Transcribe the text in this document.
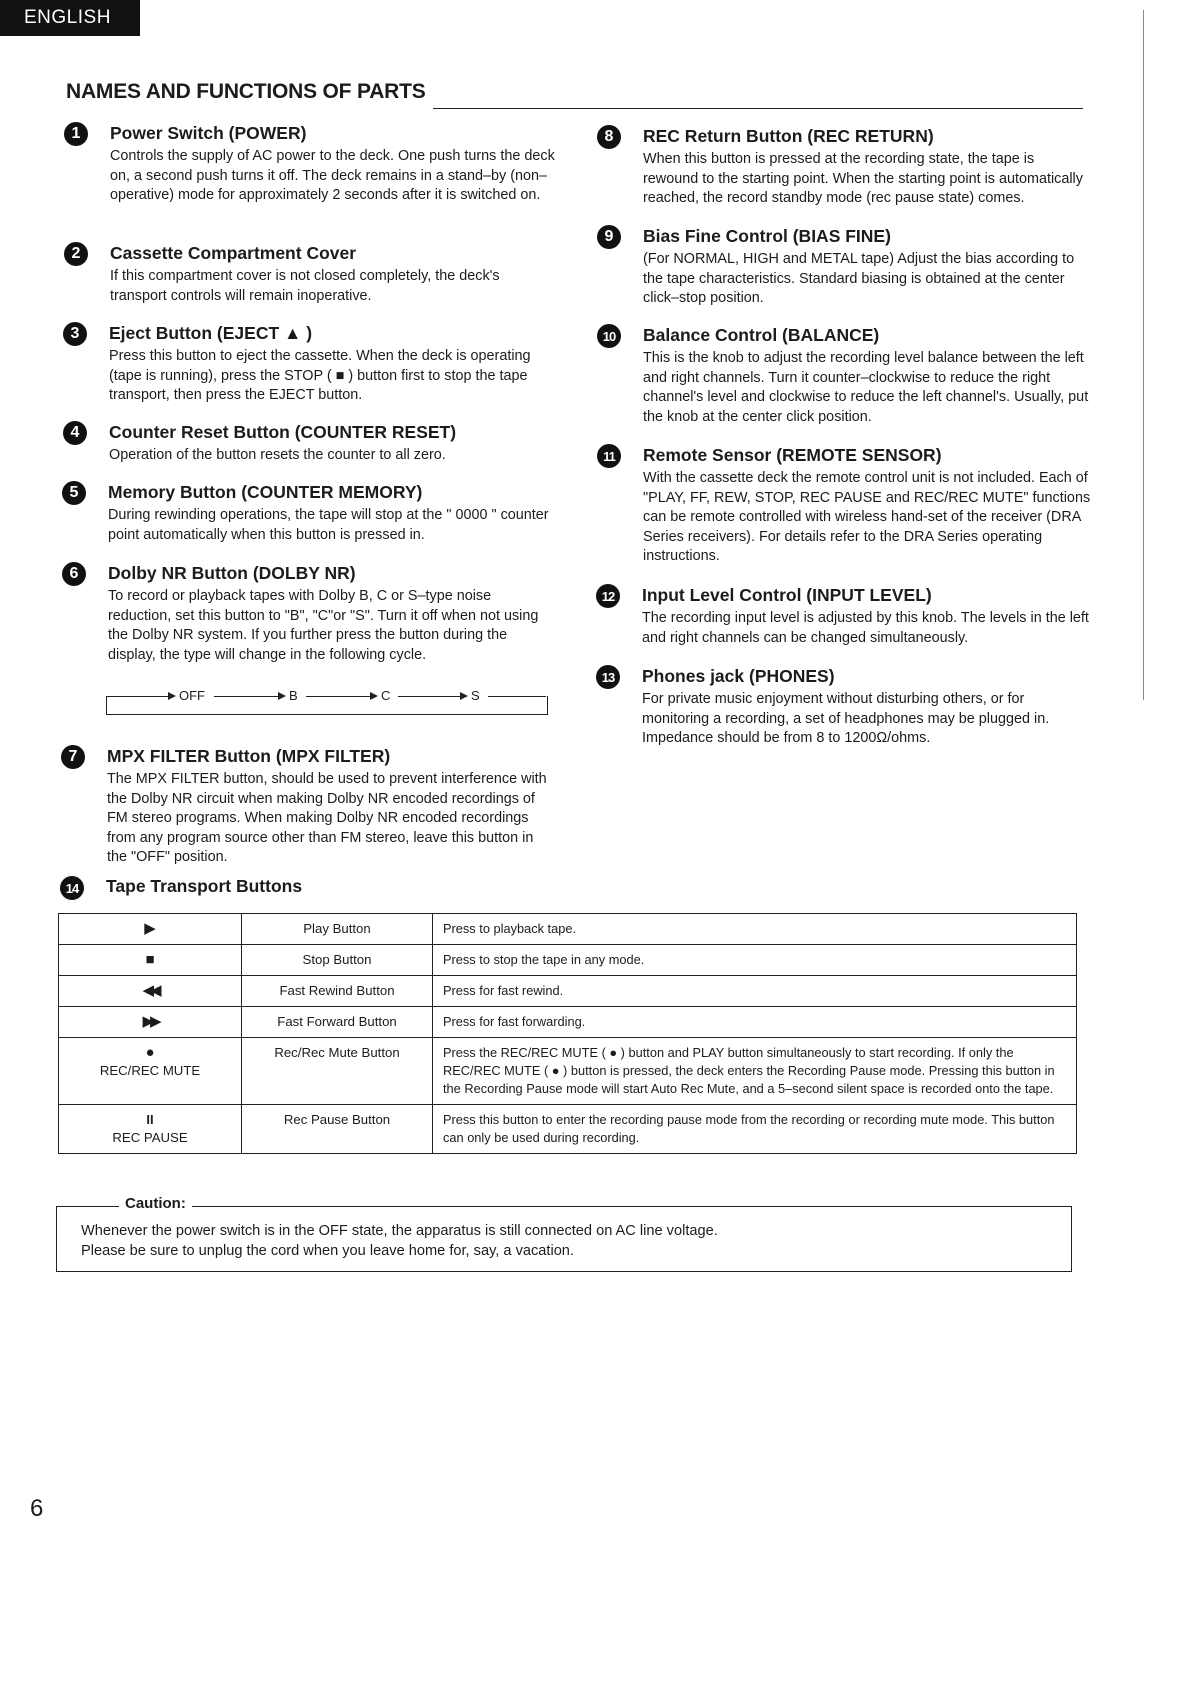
ENGLISH
NAMES AND FUNCTIONS OF PARTS
1	Power Switch (POWER)

Controls the supply of AC power to the deck. One push turns the deck on, a second push turns it off. The deck remains in a stand–by (non–operative) mode for approximately 2 seconds after it is switched on.

2	Cassette Compartment Cover

If this compartment cover is not closed completely, the deck's transport controls will remain inoperative.

3	Eject Button (EJECT ▲ )

Press this button to eject the cassette. When the deck is operating (tape is running), press the STOP ( ■ ) button first to stop the tape transport, then press the EJECT button.

4	Counter Reset Button (COUNTER RESET)

Operation of the button resets the counter to all zero.

5	Memory Button (COUNTER MEMORY)

During rewinding operations, the tape will stop at the " 0000 " counter point automatically when this button is pressed in.

6	Dolby NR Button (DOLBY NR)

To record or playback tapes with Dolby B, C or S–type noise reduction, set this button to "B", "C"or "S". Turn it off when not using the Dolby NR system. If you further press the button during the display, the type will change in the following cycle.

OFF	B	C	S
7	MPX FILTER Button (MPX FILTER)

The MPX FILTER button, should be used to prevent interference with the Dolby NR circuit when making Dolby NR encoded recordings of FM stereo programs. When making Dolby NR encoded recordings from any program source other than FM stereo, leave this button in the "OFF" position.

8	REC Return Button (REC RETURN)

When this button is pressed at the recording state, the tape is rewound to the starting point. When the starting point is automatically reached, the record standby mode (rec pause state) comes.

9	Bias Fine Control (BIAS FINE)

(For NORMAL, HIGH and METAL tape) Adjust the bias according to the tape characteristics. Standard biasing is obtained at the center click–stop position.

10	Balance Control (BALANCE)

This is the knob to adjust the recording level balance between the left and right channels. Turn it counter–clockwise to reduce the right channel's level and clockwise to reduce the left channel's. Usually, put the knob at the center click position.

11	Remote Sensor (REMOTE SENSOR)

With the cassette deck the remote control unit is not included. Each of "PLAY, FF, REW, STOP, REC PAUSE and REC/REC MUTE" functions can be remote controlled with wireless hand-set of the receiver (DRA Series receivers). For details refer to the DRA Series operating instructions.

12	Input Level Control (INPUT LEVEL)

The recording input level is adjusted by this knob. The levels in the left and right channels can be changed simultaneously.

13	Phones jack (PHONES)

For private music enjoyment without disturbing others, or for monitoring a recording, a set of headphones may be plugged in. Impedance should be from 8 to 1200Ω/ohms.

14	Tape Transport Buttons
▶	Play Button	Press to playback tape.

■	Stop Button	Press to stop the tape in any mode.

◀◀	Fast Rewind Button	Press for fast rewind.

▶▶	Fast Forward Button	Press for fast forwarding.

●
REC/REC MUTE	Rec/Rec Mute Button	Press the REC/REC MUTE ( ● ) button and PLAY button simultaneously to start recording. If only the REC/REC MUTE ( ● ) button is pressed, the deck enters the Recording Pause mode. Pressing this button in the Recording Pause mode will start Auto Rec Mute, and a 5–second silent space is recorded onto the tape.

II
REC PAUSE	Rec Pause Button	Press this button to enter the recording pause mode from the recording or recording mute mode. This button can only be used during recording.
Caution:

Whenever the power switch is in the OFF state, the apparatus is still connected on AC line voltage.

Please be sure to unplug the cord when you leave home for, say, a vacation.

6
